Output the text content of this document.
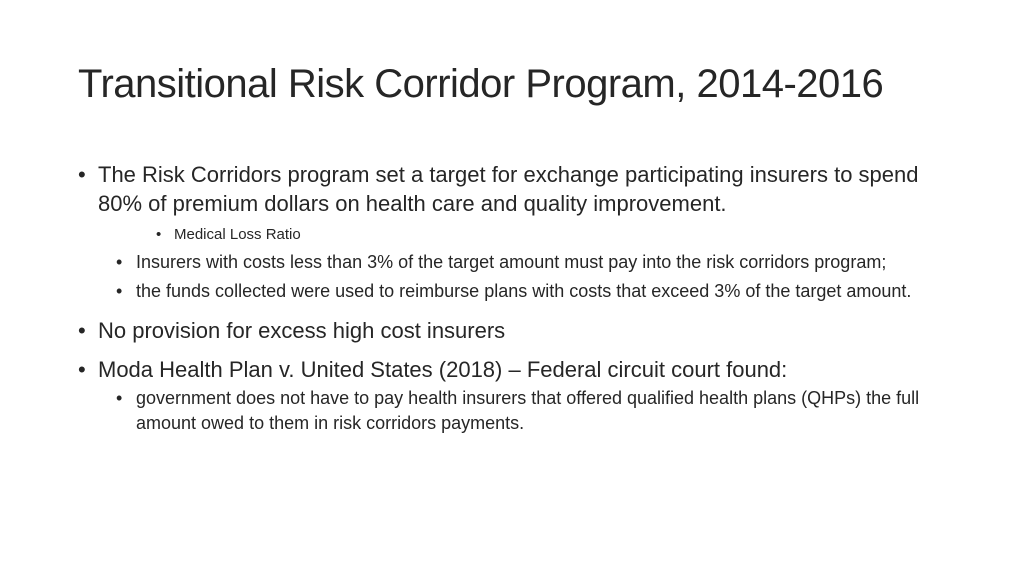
Transitional Risk Corridor Program, 2014-2016
• The Risk Corridors program set a target for exchange participating insurers to spend 80% of premium dollars on health care and quality improvement.
• Medical Loss Ratio
• Insurers with costs less than 3% of the target amount must pay into the risk corridors program;
• the funds collected were used to reimburse plans with costs that exceed 3% of the target amount.
• No provision for excess high cost insurers
• Moda Health Plan v. United States (2018) – Federal circuit court found:
• government does not have to pay health insurers that offered qualified health plans (QHPs) the full amount owed to them in risk corridors payments.
